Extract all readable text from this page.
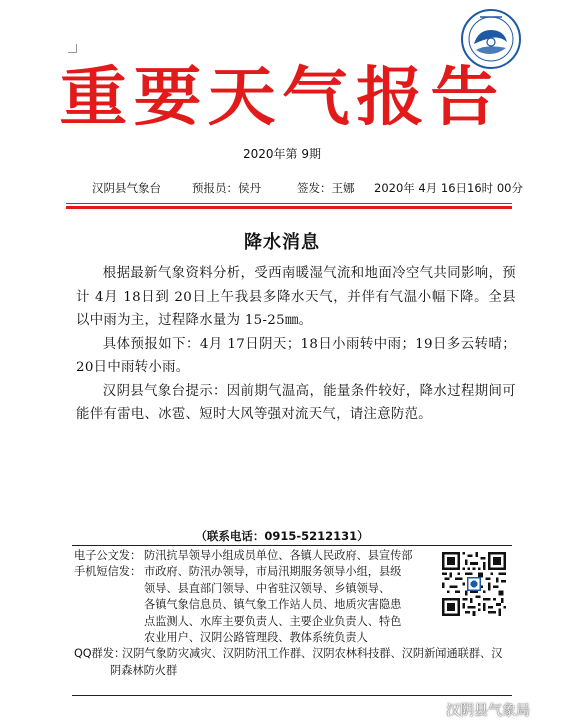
重要天气报告
2020年第 9期
汉阴县气象台	预报员：侯丹	签发：王娜 2020年 4月 16日16时 00分
降水消息

根据最新气象资料分析，受西南暖湿气流和地面冷空气共同影响，预计 4月 18日到 20日上午我县多降水天气，并伴有气温小幅下降。全县以中雨为主，过程降水量为 15-25㎜。

具体预报如下：4月 17日阴天；18日小雨转中雨；19日多云转晴；20日中雨转小雨。

汉阴县气象台提示：因前期气温高，能量条件较好，降水过程期间可能伴有雷电、冰雹、短时大风等强对流天气，请注意防范。

（联系电话：0915-5212131）
电子公文发： 防汛抗旱领导小组成员单位、各镇人民政府、县宣传部
手机短信发： 市政府、防汛办领导，市局汛期服务领导小组，县级
领导、县直部门领导、中省驻汉领导、乡镇领导、
各镇气象信息员、镇气象工作站人员、地质灾害隐患
点监测人、水库主要负责人、主要企业负责人、特色
农业用户、汉阴公路管理段、教体系统负责人
QQ群发：汉阴气象防灾减灾、汉阴防汛工作群、汉阴农林科技群、汉阴新闻通联群、汉
阴森林防火群
汉阴县气象局
